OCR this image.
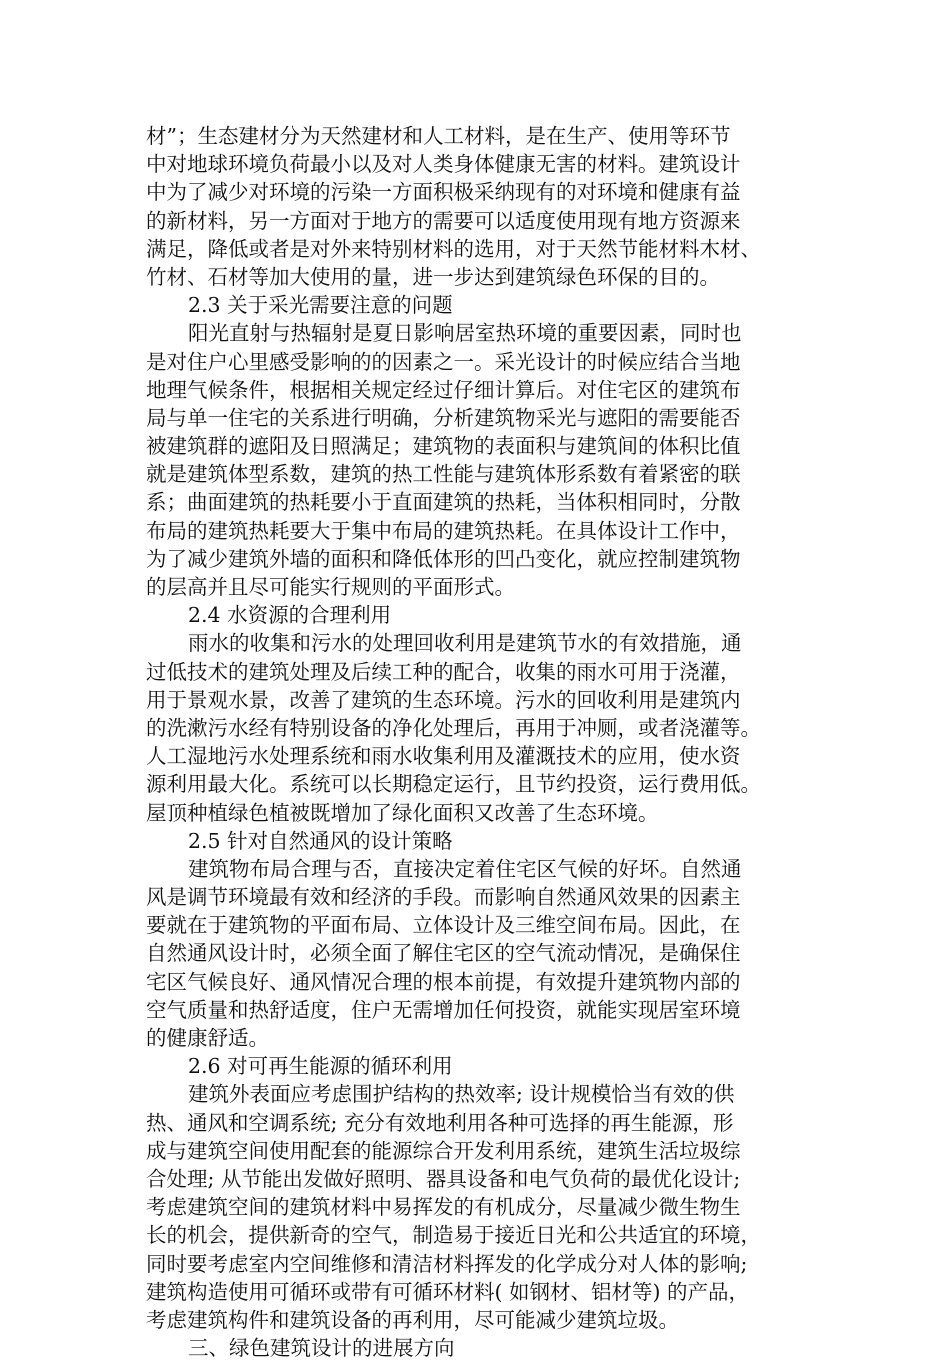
材”；生态建材分为天然建材和人工材料，是在生产、使用等环节
中对地球环境负荷最小以及对人类身体健康无害的材料。建筑设计
中为了减少对环境的污染一方面积极采纳现有的对环境和健康有益
的新材料，另一方面对于地方的需要可以适度使用现有地方资源来
满足，降低或者是对外来特别材料的选用，对于天然节能材料木材、
竹材、石材等加大使用的量，进一步达到建筑绿色环保的目的。
2.3 关于采光需要注意的问题
阳光直射与热辐射是夏日影响居室热环境的重要因素，同时也
是对住户心里感受影响的的因素之一。采光设计的时候应结合当地
地理气候条件，根据相关规定经过仔细计算后。对住宅区的建筑布
局与单一住宅的关系进行明确，分析建筑物采光与遮阳的需要能否
被建筑群的遮阳及日照满足；建筑物的表面积与建筑间的体积比值
就是建筑体型系数，建筑的热工性能与建筑体形系数有着紧密的联
系；曲面建筑的热耗要小于直面建筑的热耗，当体积相同时，分散
布局的建筑热耗要大于集中布局的建筑热耗。在具体设计工作中，
为了减少建筑外墙的面积和降低体形的凹凸变化，就应控制建筑物
的层高并且尽可能实行规则的平面形式。
2.4 水资源的合理利用
雨水的收集和污水的处理回收利用是建筑节水的有效措施，通
过低技术的建筑处理及后续工种的配合，收集的雨水可用于浇灌，
用于景观水景，改善了建筑的生态环境。污水的回收利用是建筑内
的洗漱污水经有特别设备的净化处理后，再用于冲厕，或者浇灌等。
人工湿地污水处理系统和雨水收集利用及灌溉技术的应用，使水资
源利用最大化。系统可以长期稳定运行，且节约投资，运行费用低。
屋顶种植绿色植被既增加了绿化面积又改善了生态环境。
2.5 针对自然通风的设计策略
建筑物布局合理与否，直接决定着住宅区气候的好坏。自然通
风是调节环境最有效和经济的手段。而影响自然通风效果的因素主
要就在于建筑物的平面布局、立体设计及三维空间布局。因此，在
自然通风设计时，必须全面了解住宅区的空气流动情况，是确保住
宅区气候良好、通风情况合理的根本前提，有效提升建筑物内部的
空气质量和热舒适度，住户无需增加任何投资，就能实现居室环境
的健康舒适。
2.6 对可再生能源的循环利用
建筑外表面应考虑围护结构的热效率; 设计规模恰当有效的供
热、通风和空调系统; 充分有效地利用各种可选择的再生能源，形
成与建筑空间使用配套的能源综合开发利用系统，建筑生活垃圾综
合处理; 从节能出发做好照明、器具设备和电气负荷的最优化设计;
考虑建筑空间的建筑材料中易挥发的有机成分，尽量减少微生物生
长的机会，提供新奇的空气，制造易于接近日光和公共适宜的环境，
同时要考虑室内空间维修和清洁材料挥发的化学成分对人体的影响;
建筑构造使用可循环或带有可循环材料( 如钢材、铝材等) 的产品，
考虑建筑构件和建筑设备的再利用，尽可能减少建筑垃圾。
三、绿色建筑设计的进展方向
